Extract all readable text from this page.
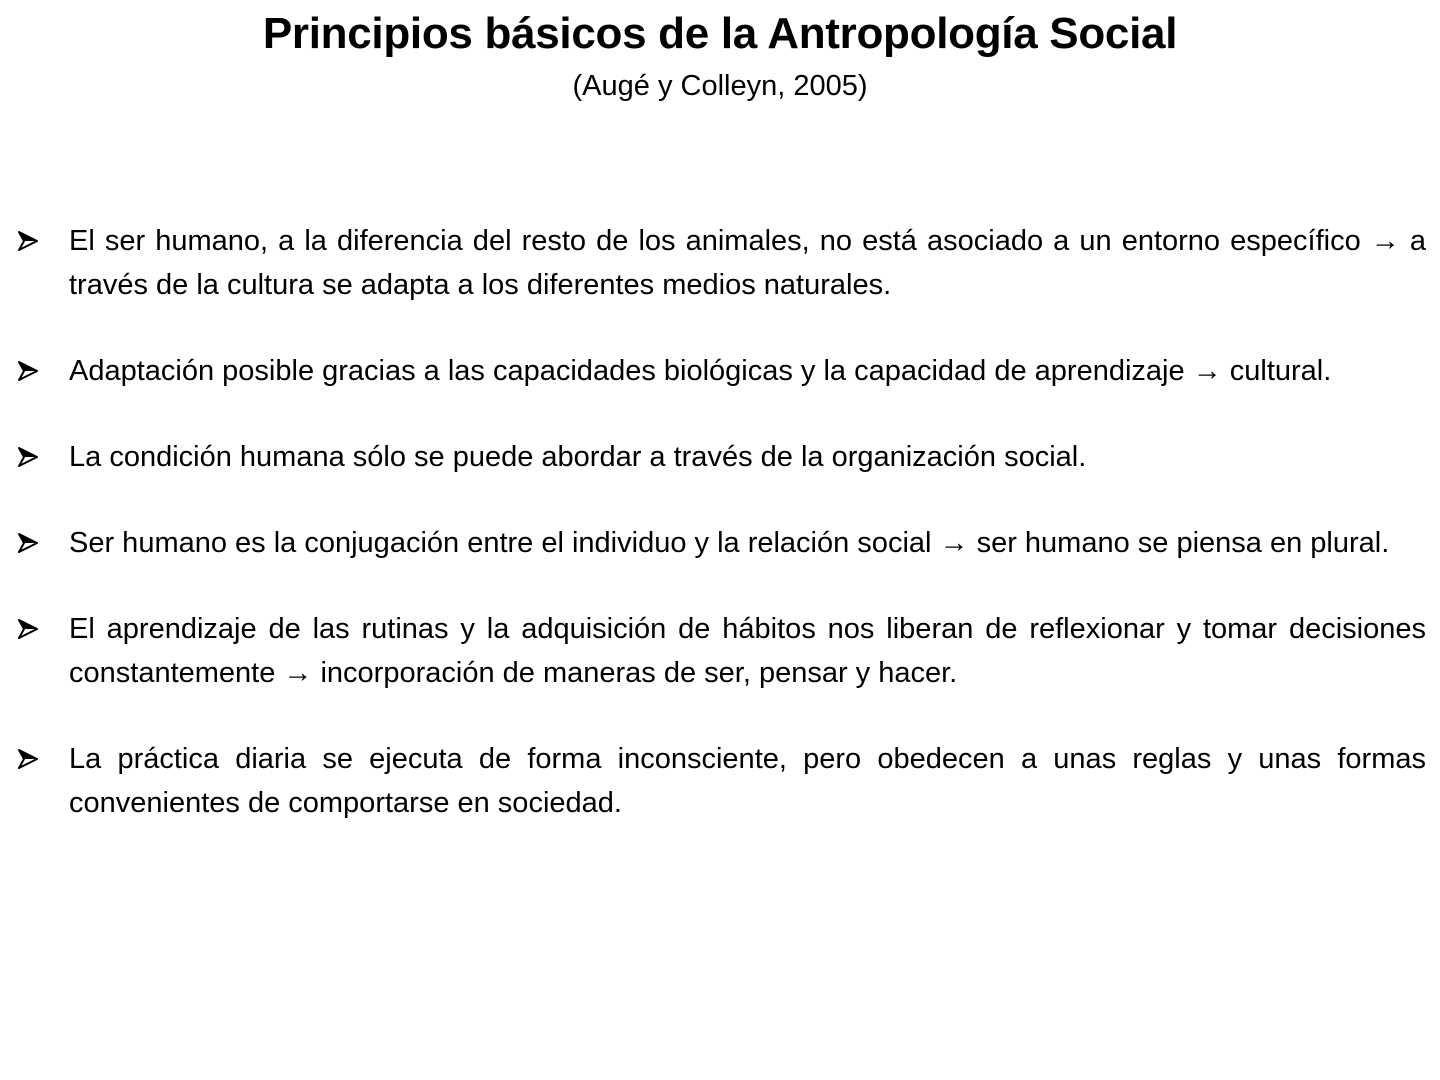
Principios básicos de la Antropología Social
(Augé y Colleyn, 2005)
El ser humano, a la diferencia del resto de los animales, no está asociado a un entorno específico → a través de la cultura se adapta a los diferentes medios naturales.
Adaptación posible gracias a las capacidades biológicas y la capacidad de aprendizaje → cultural.
La condición humana sólo se puede abordar a través de la organización social.
Ser humano es la conjugación entre el individuo y la relación social → ser humano se piensa en plural.
El aprendizaje de las rutinas y la adquisición de hábitos nos liberan de reflexionar y tomar decisiones constantemente → incorporación de maneras de ser, pensar y hacer.
La práctica diaria se ejecuta de forma inconsciente, pero obedecen a unas reglas y unas formas convenientes de comportarse en sociedad.
